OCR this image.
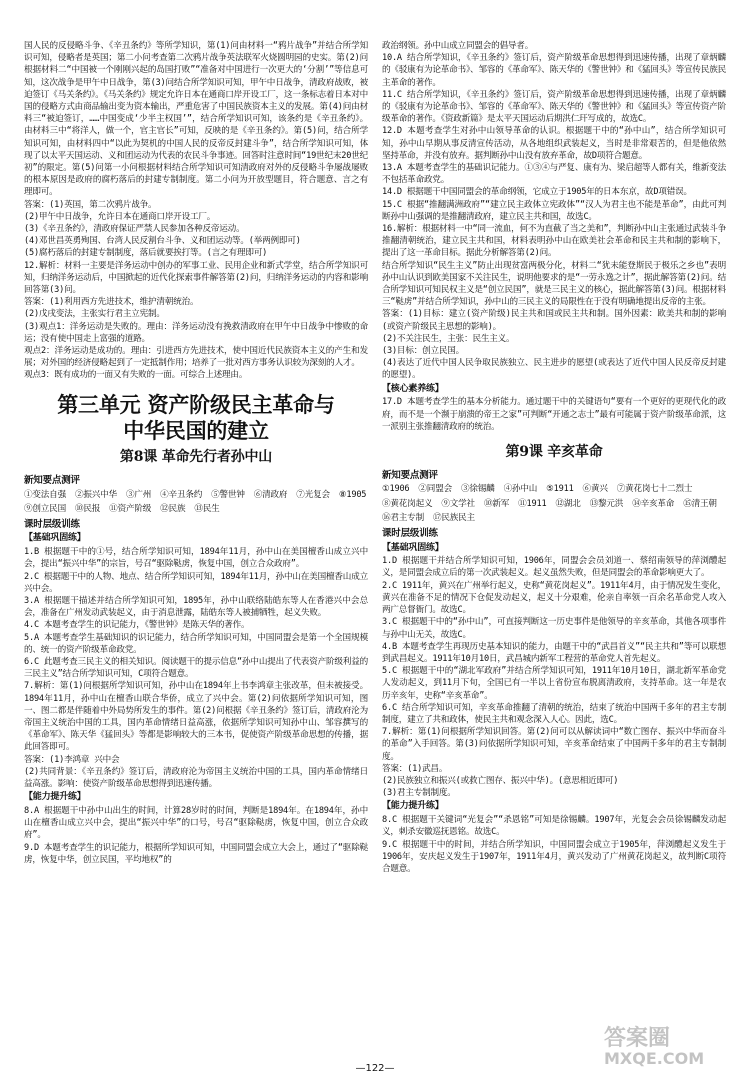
国人民的反侵略斗争、《辛丑条约》等所学知识，第(1)问由材料一“鸦片战争”并结合所学知识可知，侵略者是英国；第二小问考查第二次鸦片战争英法联军火烧圆明园的史实。第(2)问根据材料二“中国被一个刚刚兴起的岛国打败”“准备对中国进行一次更大的‘分割’”等信息可知，这次战争是甲午中日战争，第(3)问结合所学知识可知，甲午中日战争，清政府战败，被迫签订《马关条约》。《马关条约》规定允许日本在通商口岸开设工厂，这一条标志着日本对中国的侵略方式由商品输出变为资本输出，严重危害了中国民族资本主义的发展。第(4)问由材料三“被迫签订，……中国变成‘少半主权国’”，结合所学知识可知，该条约是《辛丑条约》。由材料三中“将洋人，做一个，官主官长”可知，反映的是《辛丑条约》。第(5)问，结合所学知识可知，由材料四中“以此为契机的中国人民的反帝反封建斗争”，结合所学知识可知，体现了以太平天国运动、义和团运动为代表的农民斗争事迹。回答时注意时间“19世纪末20世纪初”的限定。第(5)问第一小问根据材料结合所学知识可知清政府对外的反侵略斗争屡战屡败的根本原因是政府的腐朽落后的封建专制制度。第二小问为开放型题目，符合题意、言之有理即可。

答案：(1)英国，第二次鸦片战争。

(2)甲午中日战争，允许日本在通商口岸开设工厂。

(3)《辛丑条约》，清政府保证严禁人民参加各种反帝运动。

(4)邓世昌英勇殉国、台湾人民反割台斗争、义和团运动等。(举两例即可)

(5)腐朽落后的封建专制制度，落后就要挨打等。(言之有理即可)

12.解析：材料一主要是洋务运动中创办的军事工业、民用企业和新式学堂，结合所学知识可知，归纳洋务运动后，中国掀起的近代化探索事件解答第(2)问，归纳洋务运动的内容和影响回答第(3)问。

答案：(1)利用西方先进技术，维护清朝统治。

(2)戊戌变法，主张实行君主立宪制。

(3)观点1：洋务运动是失败的。理由：洋务运动没有挽救清政府在甲午中日战争中惨败的命运；没有使中国走上富强的道路。

观点2：洋务运动是成功的。理由：引进西方先进技术，使中国近代民族资本主义的产生和发展；对外国的经济侵略起到了一定抵制作用；培养了一批对西方事务认识较为深刻的人才。

观点3：既有成功的一面又有失败的一面。可综合上述理由。

第三单元 资产阶级民主革命与
中华民国的建立
第8课 革命先行者孙中山
新知要点测评
①变法自强 ②振兴中华 ③广州 ④辛丑条约 ⑤警世钟 ⑥清政府 ⑦光复会 ⑧1905
⑨创立民国 ⑩民报 ⑪资产阶级 ⑫民族 ⑬民生
课时层级训练
【基础巩固练】

1.B 根据题干中的①号，结合所学知识可知，1894年11月，孙中山在美国檀香山成立兴中会，提出“振兴中华”的宗旨，号召“驱除鞑虏，恢复中国，创立合众政府”。

2.C 根据题干中的人物、地点、结合所学知识可知，1894年11月，孙中山在美国檀香山成立兴中会。

3.A 根据题干描述并结合所学知识可知，1895年，孙中山联络陆皓东等人在香港兴中会总会，准备在广州发动武装起义，由于消息泄露，陆皓东等人被捕牺牲，起义失败。

4.C 本题考查学生的识记能力，《警世钟》是陈天华的著作。

5.A 本题考查学生基础知识的识记能力，结合所学知识可知，中国同盟会是第一个全国规模的、统一的资产阶级革命政党。

6.C 此题考查三民主义的相关知识。阅读题干的提示信息“孙中山提出了代表资产阶级利益的三民主义”结合所学知识可知，C项符合题意。

7.解析：第(1)问根据所学知识可知，孙中山在1894年上书李鸿章主张改革，但未被接受。1894年11月，孙中山在檀香山联合华侨，成立了兴中会。第(2)问依据所学知识可知，图一、图二都是伴随着中外局势所发生的事件。第(2)问根据《辛丑条约》签订后，清政府沦为帝国主义统治中国的工具，国内革命情绪日益高涨，依据所学知识可知孙中山、邹容撰写的《革命军》、陈天华《猛回头》等都是影响较大的三本书，促使资产阶级革命思想的传播，据此回答即可。

答案：(1)李鸿章 兴中会

(2)共同背景：《辛丑条约》签订后，清政府沦为帝国主义统治中国的工具，国内革命情绪日益高涨。影响：使资产阶级革命思想得到迅速传播。

【能力提升练】

8.A 根据题干中孙中山出生的时间，计算28岁时的时间，判断是1894年。在1894年，孙中山在檀香山成立兴中会，提出“振兴中华”的口号，号召“驱除鞑虏，恢复中国，创立合众政府”。

9.D 本题考查学生的识记能力，根据所学知识可知，中国同盟会成立大会上，通过了“驱除鞑虏，恢复中华，创立民国，平均地权”的

政治纲领。孙中山成立同盟会的倡导者。

10.A 结合所学知识，《辛丑条约》签订后，资产阶级革命思想得到迅速传播，出现了章炳麟的《驳康有为论革命书》、邹容的《革命军》、陈天华的《警世钟》和《猛回头》等宣传民族民主革命的著作。

11.C 结合所学知识，《辛丑条约》签订后，资产阶级革命思想得到迅速传播，出现了章炳麟的《驳康有为论革命书》、邹容的《革命军》、陈天华的《警世钟》和《猛回头》等宣传资产阶级革命的著作。《资政新篇》是太平天国运动后期洪仁玕写成的，故选C。

12.D 本题考查学生对孙中山领导革命的认识。根据题干中的“孙中山”，结合所学知识可知，孙中山早期从事反清宣传活动，从各地组织武装起义，当时是非常艰苦的，但是他依然坚持革命，并没有放弃。据判断孙中山没有放弃革命，故D项符合题意。

13.A 本题考查学生的基础识记能力。①③④与严复、康有为、梁启超等人都有关，维新变法不包括革命政党。

14.D 根据题干中国同盟会的革命纲领，它成立于1905年的日本东京，故D项错误。

15.C 根据“推翻满洲政府”“建立民主政体立宪政体”“汉人为君主也不能是革命”，由此可判断孙中山强调的是推翻清政府，建立民主共和国，故选C。

16.解析：根据材料一中“同一流血，何不为直截了当之美和”，判断孙中山主张通过武装斗争推翻清朝统治，建立民主共和国，材料表明孙中山在欧美社会革命和民主共和制的影响下，提出了这一革命目标。据此分析解答第(2)问。

结合所学知识“民生主义”防止出现贫富两极分化，材料二“犹未能登斯民于极乐之乡也”表明孙中山认识到欧美国家不关注民生，说明他要求的是“一劳永逸之计”，据此解答第(2)问。结合所学知识可知民权主义是“创立民国”，就是三民主义的核心，据此解答第(3)问。根据材料三“鞑虏”并结合所学知识，孙中山的三民主义的局限性在于没有明确地提出反帝的主张。

答案：(1)目标：建立(资产阶级)民主共和国或民主共和制。国外因素：欧美共和制的影响(或资产阶级民主思想的影响)。

(2)不关注民生，主张：民生主义。

(3)目标：创立民国。

(4)表达了近代中国人民争取民族独立、民主进步的愿望(或表达了近代中国人民反帝反封建的愿望)。

【核心素养练】

17.D 本题考查学生的基本分析能力。通过题干中的关键语句“要有一个更好的更现代化的政府，而不是一个濒于崩溃的帝王之家”可判断“开通之志士”最有可能属于资产阶级革命派，这一派别主张推翻清政府的统治。

第9课 辛亥革命
新知要点测评
①1906 ②同盟会 ③徐锡麟 ④孙中山 ⑤1911 ⑥黄兴 ⑦黄花岗七十二烈士
⑧黄花岗起义 ⑨文学社 ⑩新军 ⑪1911 ⑫湖北 ⑬黎元洪 ⑭辛亥革命 ⑮清王朝
⑯君主专制 ⑰民族民主
课时层级训练
【基础巩固练】

1.D 根据题干并结合所学知识可知，1906年，同盟会会员刘道一、蔡绍南领导的萍浏醴起义，是同盟会成立后的第一次武装起义。起义虽然失败，但是同盟会的革命影响更大了。

2.C 1911年，黄兴在广州举行起义，史称“黄花岗起义”。1911年4月，由于情况发生变化，黄兴在准备不足的情况下仓促发动起义，起义十分艰难，伦亲自率领一百余名革命党人攻入两广总督衙门。故选C。

3.C 根据题干中的“孙中山”，可直接判断这一历史事件是他领导的辛亥革命，其他各项事件与孙中山无关，故选C。

4.B 本题考查学生再现历史基本知识的能力，由题干中的“武昌首义”“民主共和”等可以联想到武昌起义。1911年10月10日，武昌城内新军工程营的革命党人首先起义。

5.C 根据题干中的“湖北军政府”并结合所学知识可知，1911年10月10日，湖北新军革命党人发动起义，到11月下旬，全国已有一半以上省份宣布脱离清政府，支持革命。这一年是农历辛亥年，史称“辛亥革命”。

6.C 结合所学知识可知，辛亥革命推翻了清朝的统治，结束了统治中国两千多年的君主专制制度，建立了共和政体，使民主共和观念深入人心。因此，选C。

7.解析：第(1)问根据所学知识回答。第(2)问可以从解读词中“数亡图存、振兴中华而奋斗的革命”入手回答。第(3)问依据所学知识可知，辛亥革命结束了中国两千多年的君主专制制度。

答案：(1)武昌。

(2)民族独立和振兴(或救亡图存、振兴中华)。(意思相近即可)

(3)君主专制制度。

【能力提升练】

8.C 根据题干关键词“光复会”“杀恩铭”可知是徐锡麟。1907年，光复会会员徐锡麟发动起义，刺杀安徽巡抚恩铭。故选C。

9.C 根据题干中的时间，并结合所学知识，中国同盟会成立于1905年，萍浏醴起义发生于1906年，安庆起义发生于1907年，1911年4月，黄兴发动了广州黄花岗起义，故判断C项符合题意。

—122—
答案圈
MXQE.COM
